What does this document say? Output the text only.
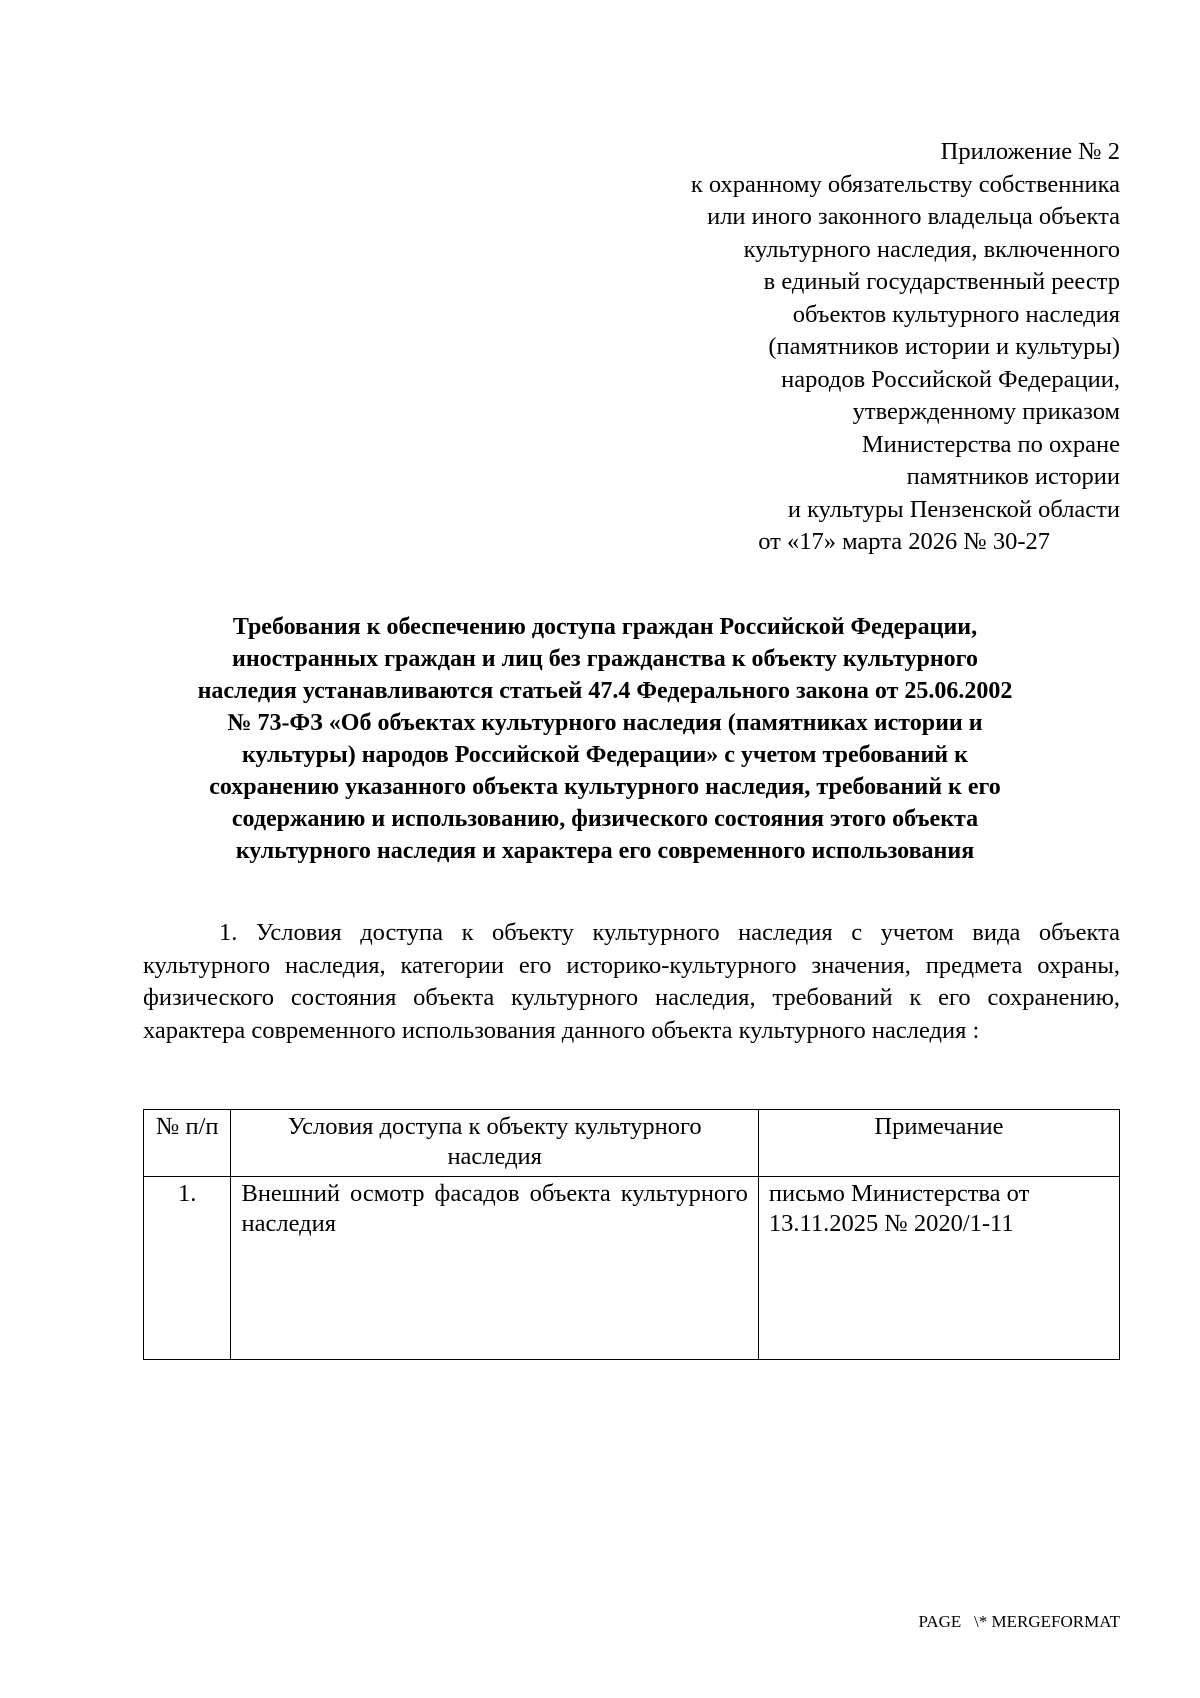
Приложение № 2
к охранному обязательству собственника
или иного законного владельца объекта
культурного наследия, включенного
в единый государственный реестр
объектов культурного наследия
(памятников истории и культуры)
народов Российской Федерации,
утвержденному приказом
Министерства по охране
памятников истории
и культуры Пензенской области
от «17» марта 2026 № 30-27
Требования к обеспечению доступа граждан Российской Федерации,
иностранных граждан и лиц без гражданства к объекту культурного
наследия устанавливаются статьей 47.4 Федерального закона от 25.06.2002
№ 73-ФЗ «Об объектах культурного наследия (памятниках истории и
культуры) народов Российской Федерации» с учетом требований к
сохранению указанного объекта культурного наследия, требований к его
содержанию и использованию, физического состояния этого объекта
культурного наследия и характера его современного использования
1. Условия доступа к объекту культурного наследия с учетом вида объекта культурного наследия, категории его историко-культурного значения, предмета охраны, физического состояния объекта культурного наследия, требований к его сохранению, характера современного использования данного объекта культурного наследия :
№ п/п	Условия доступа к объекту культурного наследия	Примечание
1.	Внешний осмотр фасадов объекта культурного наследия	письмо Министерства от 13.11.2025 № 2020/1-11
PAGE   \* MERGEFORMAT
